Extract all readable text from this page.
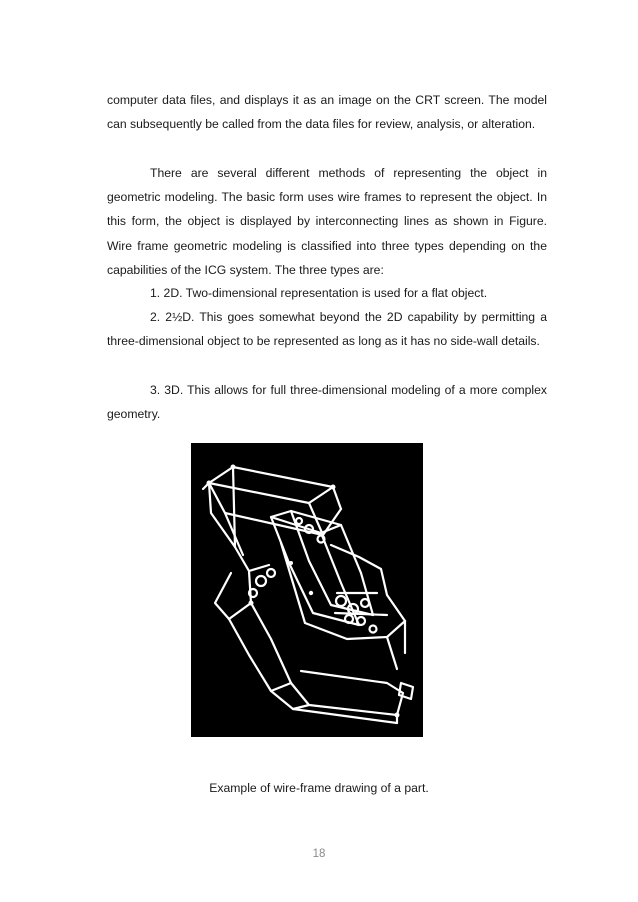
computer data files, and displays it as an image on the CRT screen. The model can subsequently be called from the data files for review, analysis, or alteration.

There are several different methods of representing the object in geometric modeling. The basic form uses wire frames to represent the object. In this form, the object is displayed by interconnecting lines as shown in Figure. Wire frame geometric modeling is classified into three types depending on the capabilities of the ICG system. The three types are:

1. 2D. Two-dimensional representation is used for a flat object.

2. 2½D. This goes somewhat beyond the 2D capability by permitting a three-dimensional object to be represented as long as it has no side-wall details.

3. 3D. This allows for full three-dimensional modeling of a more complex geometry.

Example of wire-frame drawing of a part.
18
